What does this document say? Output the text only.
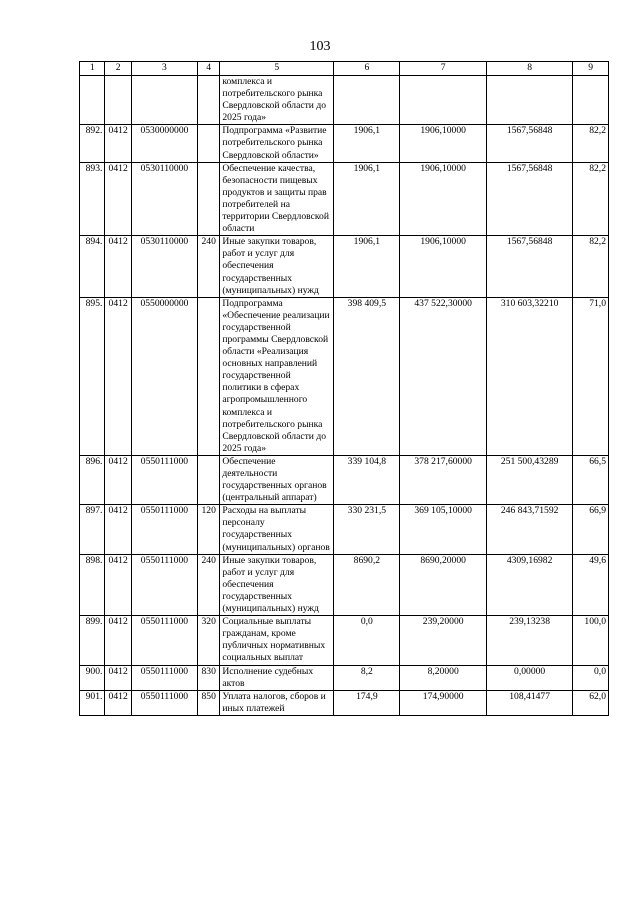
103
1	2	3	4	5	6	7	8	9
				комплекса и потребительского рынка Свердловской области до 2025 года»				
892.	0412	0530000000		Подпрограмма «Развитие потребительского рынка Свердловской области»	1906,1	1906,10000	1567,56848	82,2
893.	0412	0530110000		Обеспечение качества, безопасности пищевых продуктов и защиты прав потребителей на территории Свердловской области	1906,1	1906,10000	1567,56848	82,2
894.	0412	0530110000	240	Иные закупки товаров, работ и услуг для обеспечения государственных (муниципальных) нужд	1906,1	1906,10000	1567,56848	82,2
895.	0412	0550000000		Подпрограмма «Обеспечение реализации государственной программы Свердловской области «Реализация основных направлений государственной политики в сферах агропромышленного комплекса и потребительского рынка Свердловской области до 2025 года»	398 409,5	437 522,30000	310 603,32210	71,0
896.	0412	0550111000		Обеспечение деятельности государственных органов (центральный аппарат)	339 104,8	378 217,60000	251 500,43289	66,5
897.	0412	0550111000	120	Расходы на выплаты персоналу государственных (муниципальных) органов	330 231,5	369 105,10000	246 843,71592	66,9
898.	0412	0550111000	240	Иные закупки товаров, работ и услуг для обеспечения государственных (муниципальных) нужд	8690,2	8690,20000	4309,16982	49,6
899.	0412	0550111000	320	Социальные выплаты гражданам, кроме публичных нормативных социальных выплат	0,0	239,20000	239,13238	100,0
900.	0412	0550111000	830	Исполнение судебных актов	8,2	8,20000	0,00000	0,0
901.	0412	0550111000	850	Уплата налогов, сборов и иных платежей	174,9	174,90000	108,41477	62,0
